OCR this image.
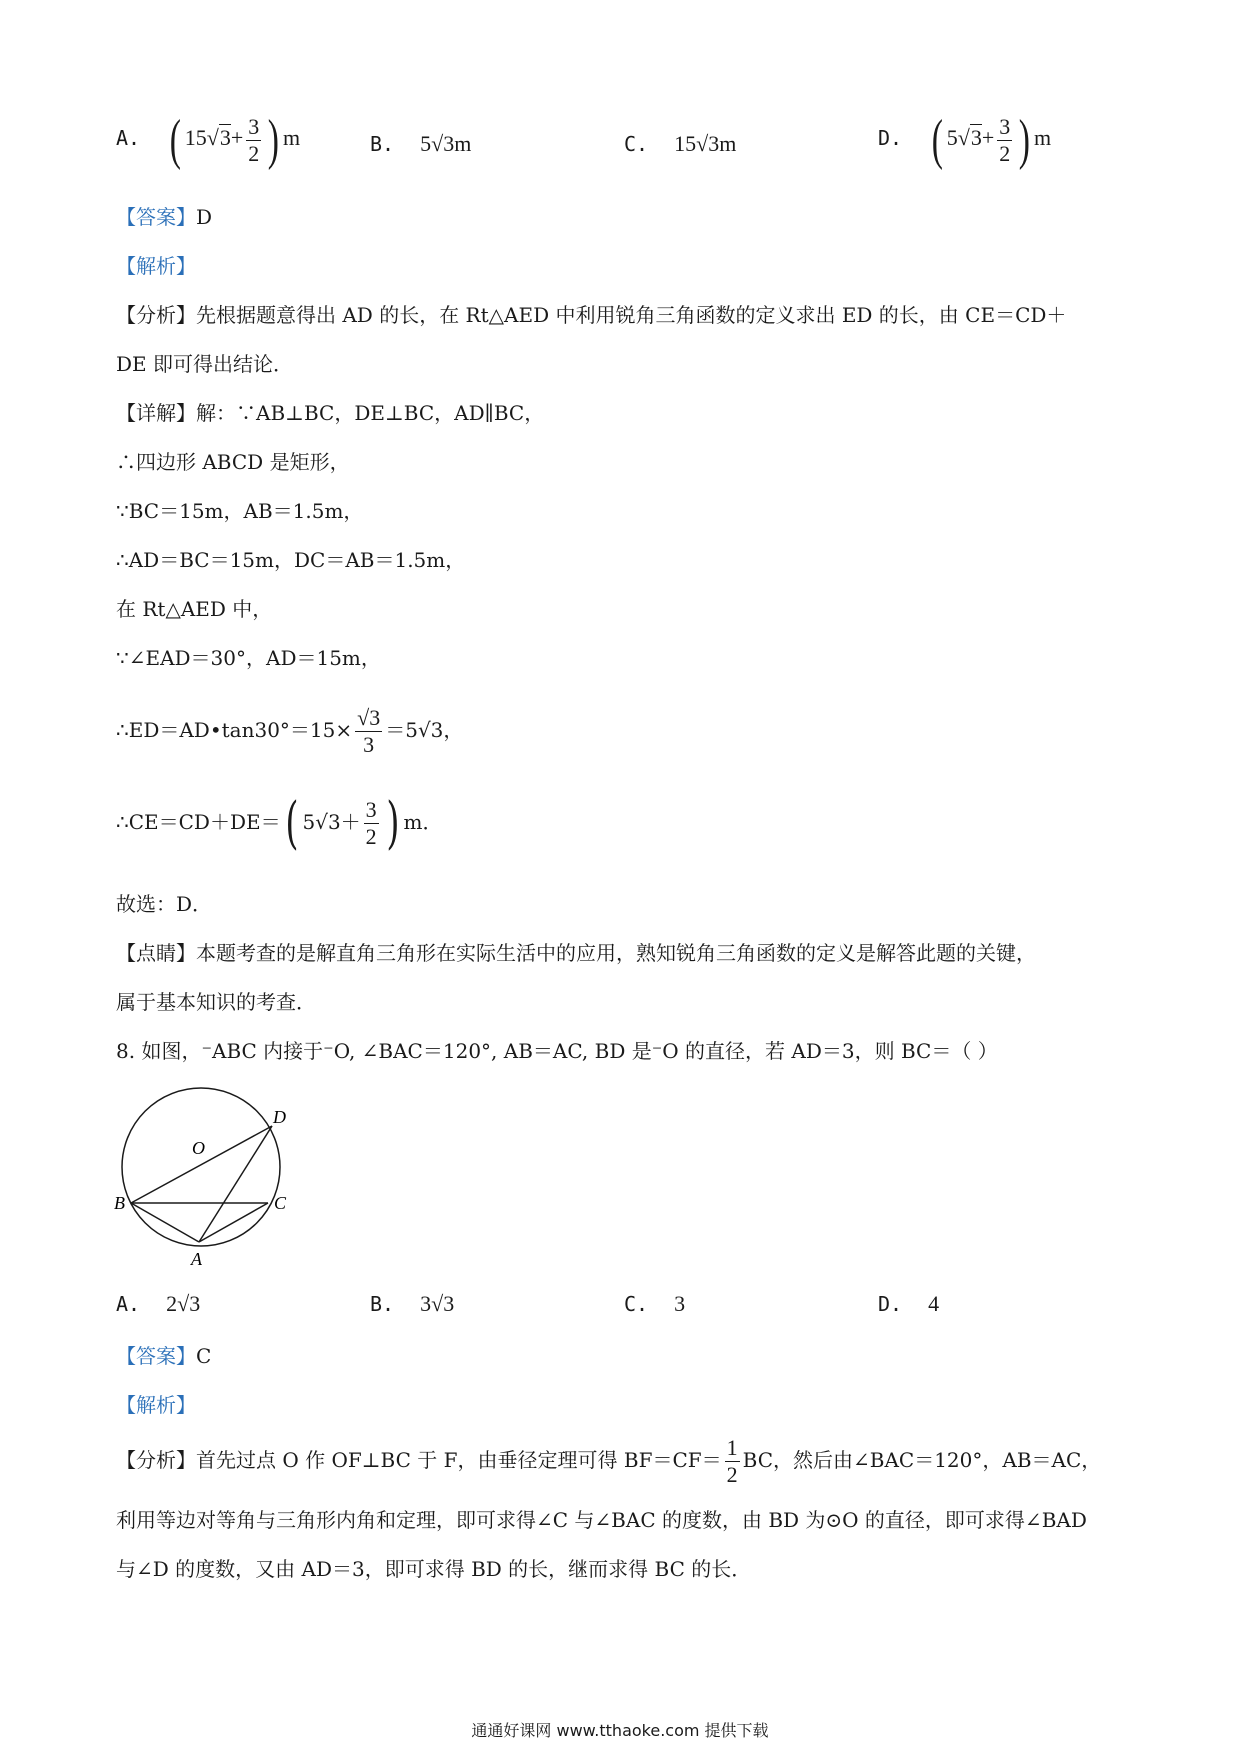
A. ( $15√3+ \frac{3}{2}$ ) m	B. 5√3m	C. 15√3m	D. ( $5√3+ \frac{3}{2}$ ) m
【答案】D
【解析】
【分析】先根据题意得出 AD 的长，在 Rt△AED 中利用锐角三角函数的定义求出 ED 的长，由 CE＝CD＋
DE 即可得出结论．
【详解】解：∵AB⊥BC，DE⊥BC，AD∥BC，
∴四边形 ABCD 是矩形，
∵BC＝15m，AB＝1.5m，
∴AD＝BC＝15m，DC＝AB＝1.5m，
在 Rt△AED 中，
∵∠EAD＝30°，AD＝15m，
∴ED＝AD•tan30°＝15× $\frac{√3}{3} =5√3$，
∴CE＝CD＋DE＝( $5√3+ \frac{3}{2}$ ) m．
故选：D．
【点睛】本题考查的是解直角三角形在实际生活中的应用，熟知锐角三角函数的定义是解答此题的关键，
属于基本知识的考查．
8. 如图，⁻ABC 内接于⁻O, ∠BAC＝120°, AB＝AC, BD 是⁻O 的直径，若 AD＝3，则 BC＝（ ）
O
D
B	C
A
A. 2√3	B. 3√3	C. 3	D. 4
【答案】C
【解析】
【分析】首先过点 O 作 OF⊥BC 于 F，由垂径定理可得 $BF=CF= \frac{1}{2}$ BC，然后由∠BAC＝120°，AB＝AC，
利用等边对等角与三角形内角和定理，即可求得∠C 与∠BAC 的度数，由 BD 为⊙O 的直径，即可求得∠BAD
与∠D 的度数，又由 AD＝3，即可求得 BD 的长，继而求得 BC 的长．
通通好课网 www.tthaoke.com 提供下载
